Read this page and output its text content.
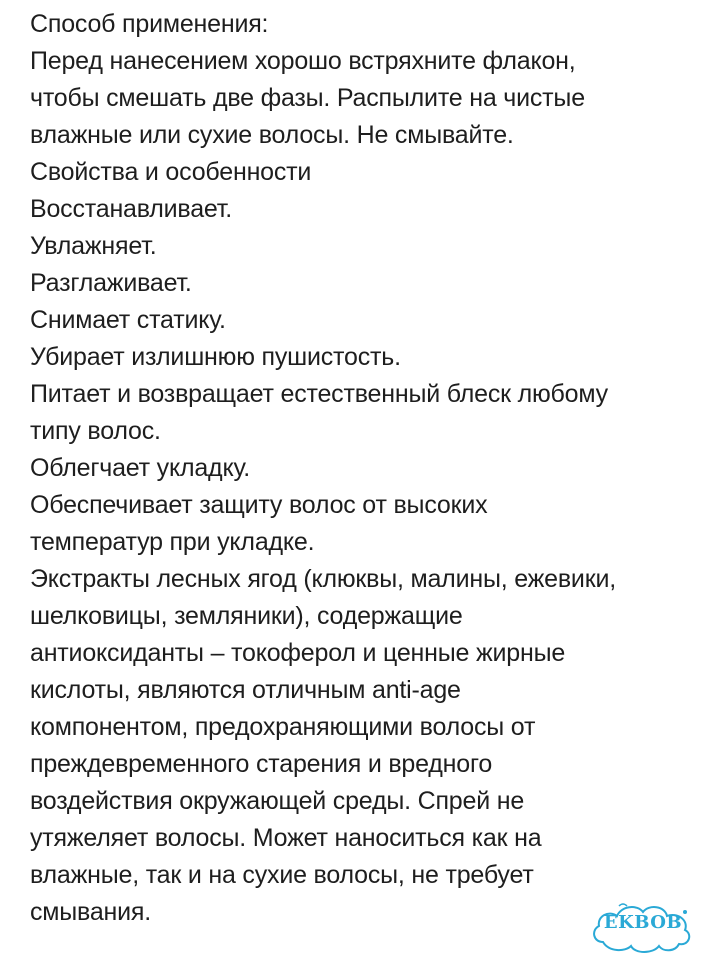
Способ применения:
Перед нанесением хорошо встряхните флакон,
чтобы смешать две фазы. Распылите на чистые
влажные или сухие волосы. Не смывайте.
Свойства и особенности
Восстанавливает.
Увлажняет.
Разглаживает.
Снимает статику.
Убирает излишнюю пушистость.
Питает и возвращает естественный блеск любому
типу волос.
Облегчает укладку.
Обеспечивает защиту волос от высоких
температур при укладке.
Экстракты лесных ягод (клюквы, малины, ежевики,
шелковицы, земляники), содержащие
антиоксиданты – токоферол и ценные жирные
кислоты, являются отличным anti-age
компонентом, предохраняющими волосы от
преждевременного старения и вредного
воздействия окружающей среды. Спрей не
утяжеляет волосы. Может наноситься как на
влажные, так и на сухие волосы, не требует
смывания.	EKBOB
